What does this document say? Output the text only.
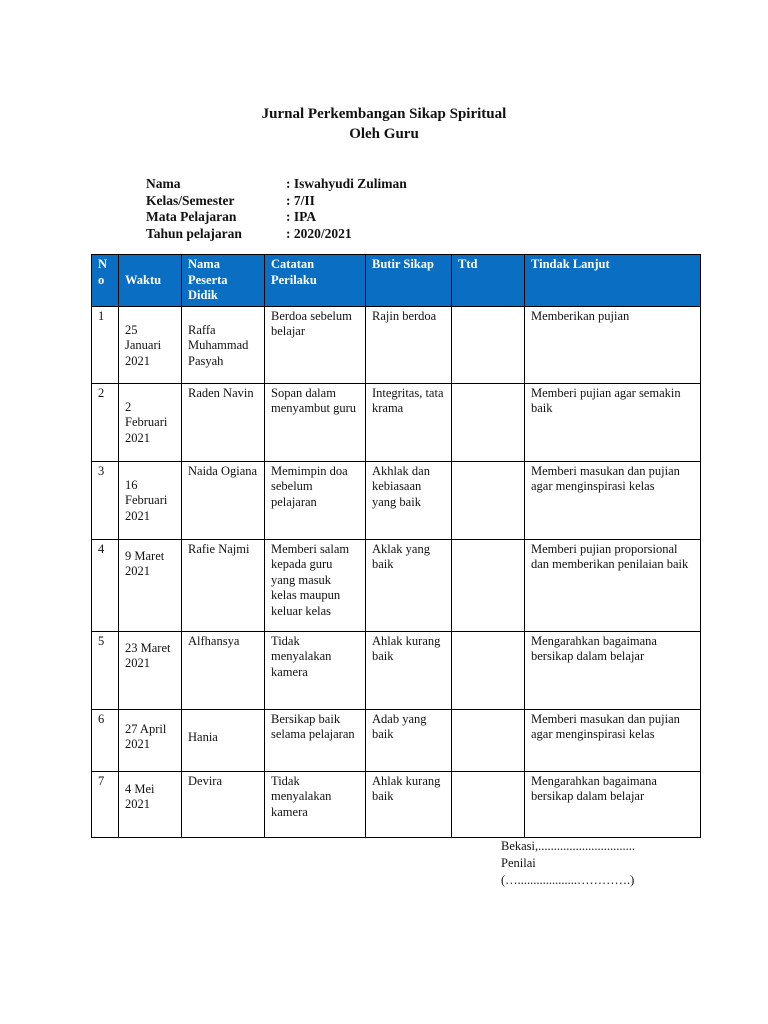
Jurnal Perkembangan Sikap Spiritual
Oleh Guru
Nama	: Iswahyudi Zuliman
Kelas/Semester	: 7/II
Mata Pelajaran	: IPA
Tahun pelajaran	: 2020/2021
N o	Waktu	Nama Peserta Didik	Catatan Perilaku	Butir Sikap	Ttd	Tindak Lanjut
1	25 Januari 2021	Raffa Muhammad Pasyah	Berdoa sebelum belajar	Rajin berdoa		Memberikan pujian
2	2 Februari 2021	Raden Navin	Sopan dalam menyambut guru	Integritas, tata krama		Memberi pujian agar semakin baik
3	16 Februari 2021	Naida Ogiana	Memimpin doa sebelum pelajaran	Akhlak dan kebiasaan yang baik		Memberi masukan dan pujian agar menginspirasi kelas
4	9 Maret 2021	Rafie Najmi	Memberi salam kepada guru yang masuk kelas maupun keluar kelas	Aklak yang baik		Memberi pujian proporsional dan memberikan penilaian baik
5	23 Maret 2021	Alfhansya	Tidak menyalakan kamera	Ahlak kurang baik		Mengarahkan bagaimana bersikap dalam belajar
6	27 April 2021	Hania	Bersikap baik selama pelajaran	Adab yang baik		Memberi masukan dan pujian agar menginspirasi kelas
7	4 Mei 2021	Devira	Tidak menyalakan kamera	Ahlak kurang baik		Mengarahkan bagaimana bersikap dalam belajar
Bekasi,...............................
Penilai
(…...................………….)
